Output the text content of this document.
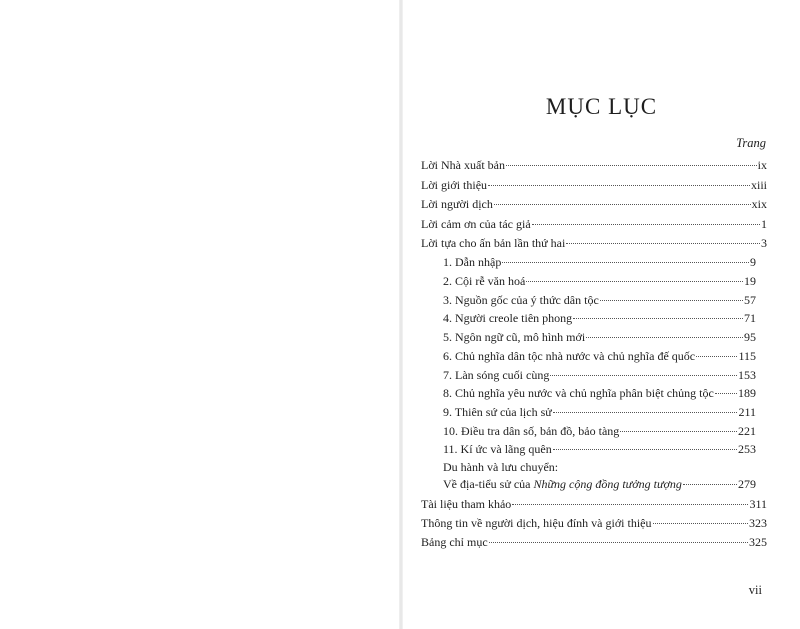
MỤC LỤC
Trang
Lời Nhà xuất bản	ix
Lời giới thiệu	xiii
Lời người dịch	xix
Lời cảm ơn của tác giả	1
Lời tựa cho ấn bản lần thứ hai	3
1. Dẫn nhập	9
2. Cội rễ văn hoá	19
3. Nguồn gốc của ý thức dân tộc	57
4. Người creole tiên phong	71
5. Ngôn ngữ cũ, mô hình mới	95
6. Chủ nghĩa dân tộc nhà nước và chủ nghĩa đế quốc	115
7. Làn sóng cuối cùng	153
8. Chủ nghĩa yêu nước và chủ nghĩa phân biệt chủng tộc 189
9. Thiên sứ của lịch sử	211
10. Điều tra dân số, bản đồ, bảo tàng	221
11. Kí ức và lãng quên	253
Du hành và lưu chuyển:
Về địa-tiểu sử của Những cộng đồng tưởng tượng	279
Tài liệu tham khảo	311
Thông tin về người dịch, hiệu đính và giới thiệu	323
Bảng chỉ mục	325
vii
